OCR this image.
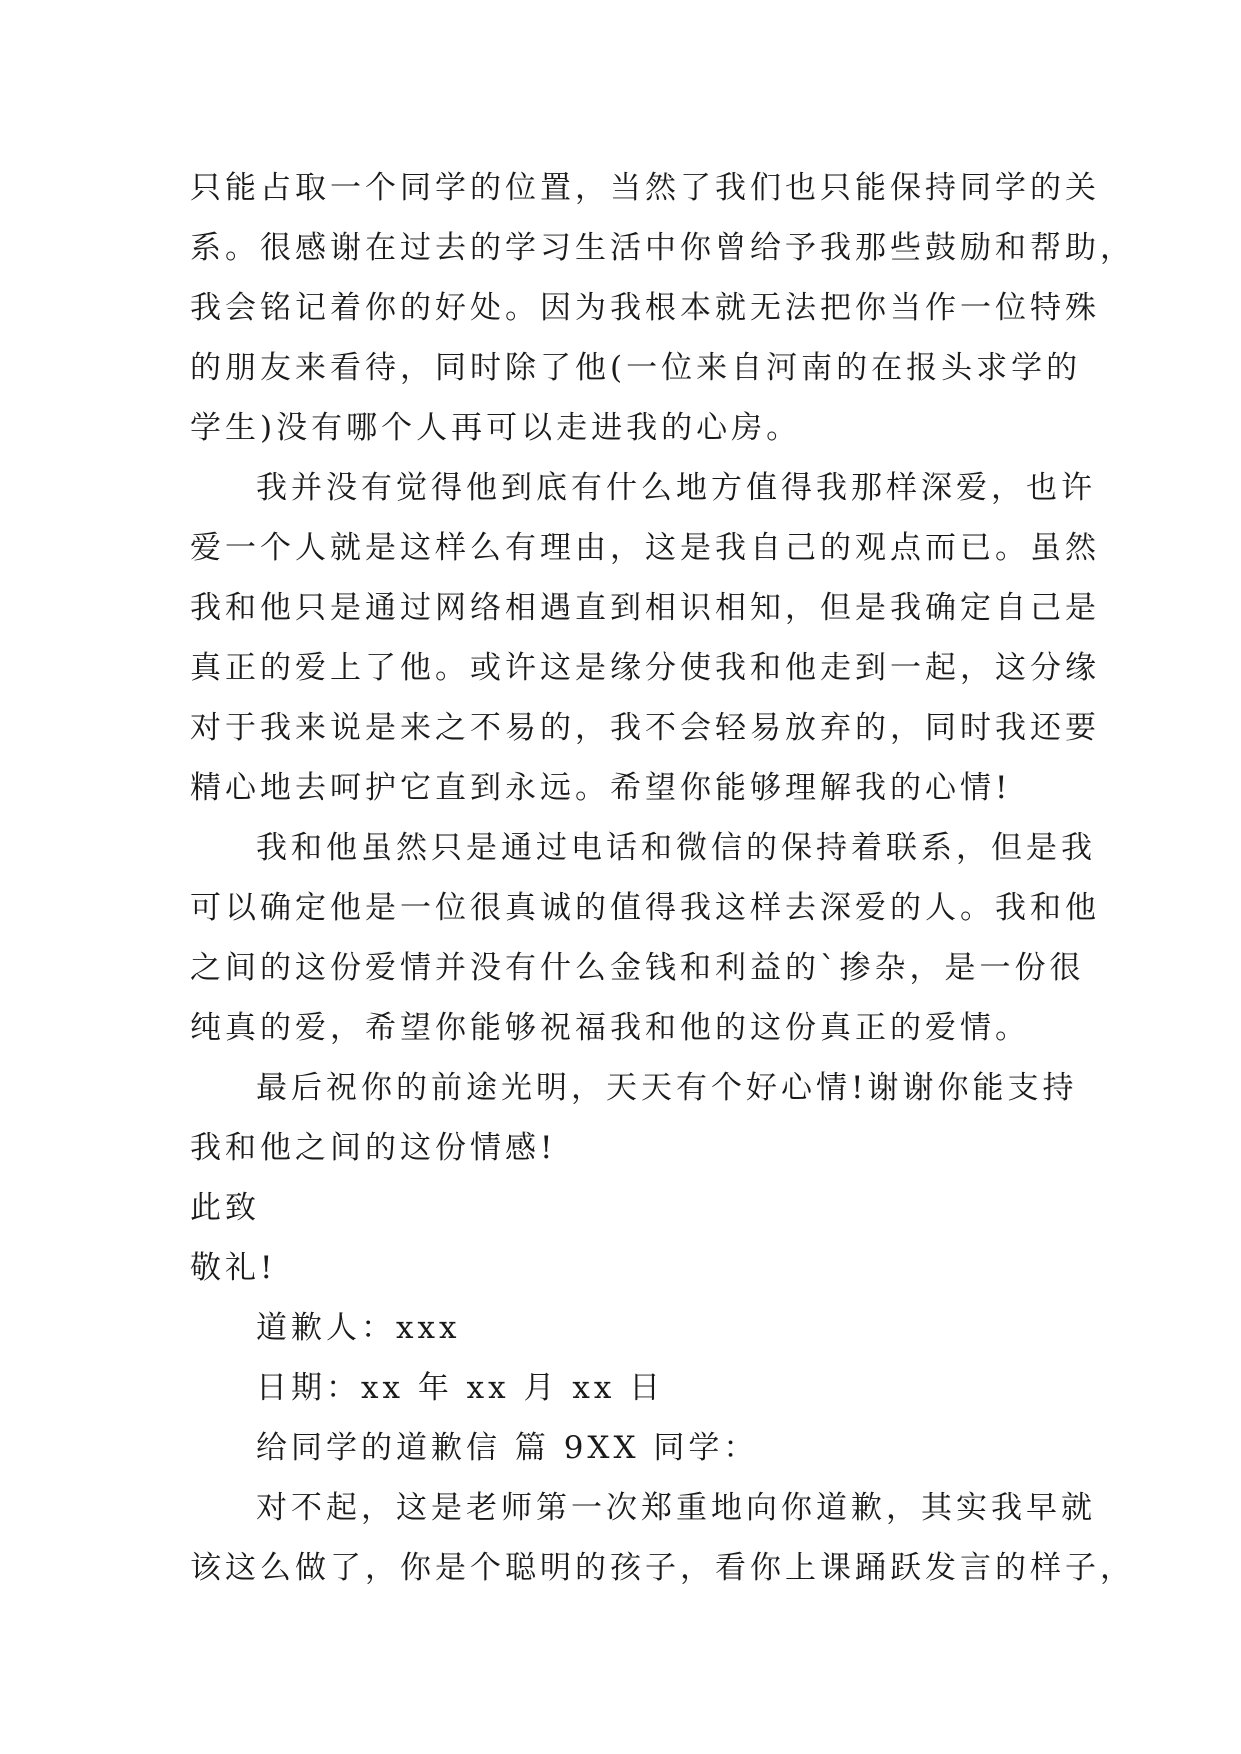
只能占取一个同学的位置，当然了我们也只能保持同学的关
系。很感谢在过去的学习生活中你曾给予我那些鼓励和帮助，
我会铭记着你的好处。因为我根本就无法把你当作一位特殊
的朋友来看待，同时除了他(一位来自河南的在报头求学的
学生)没有哪个人再可以走进我的心房。
我并没有觉得他到底有什么地方值得我那样深爱，也许
爱一个人就是这样么有理由，这是我自己的观点而已。虽然
我和他只是通过网络相遇直到相识相知，但是我确定自己是
真正的爱上了他。或许这是缘分使我和他走到一起，这分缘
对于我来说是来之不易的，我不会轻易放弃的，同时我还要
精心地去呵护它直到永远。希望你能够理解我的心情!
我和他虽然只是通过电话和微信的保持着联系，但是我
可以确定他是一位很真诚的值得我这样去深爱的人。我和他
之间的这份爱情并没有什么金钱和利益的`掺杂，是一份很
纯真的爱，希望你能够祝福我和他的这份真正的爱情。
最后祝你的前途光明，天天有个好心情!谢谢你能支持
我和他之间的这份情感!
此致
敬礼!
道歉人：xxx
日期：xx 年 xx 月 xx 日
给同学的道歉信 篇 9XX 同学：
对不起，这是老师第一次郑重地向你道歉，其实我早就
该这么做了，你是个聪明的孩子，看你上课踊跃发言的样子，
